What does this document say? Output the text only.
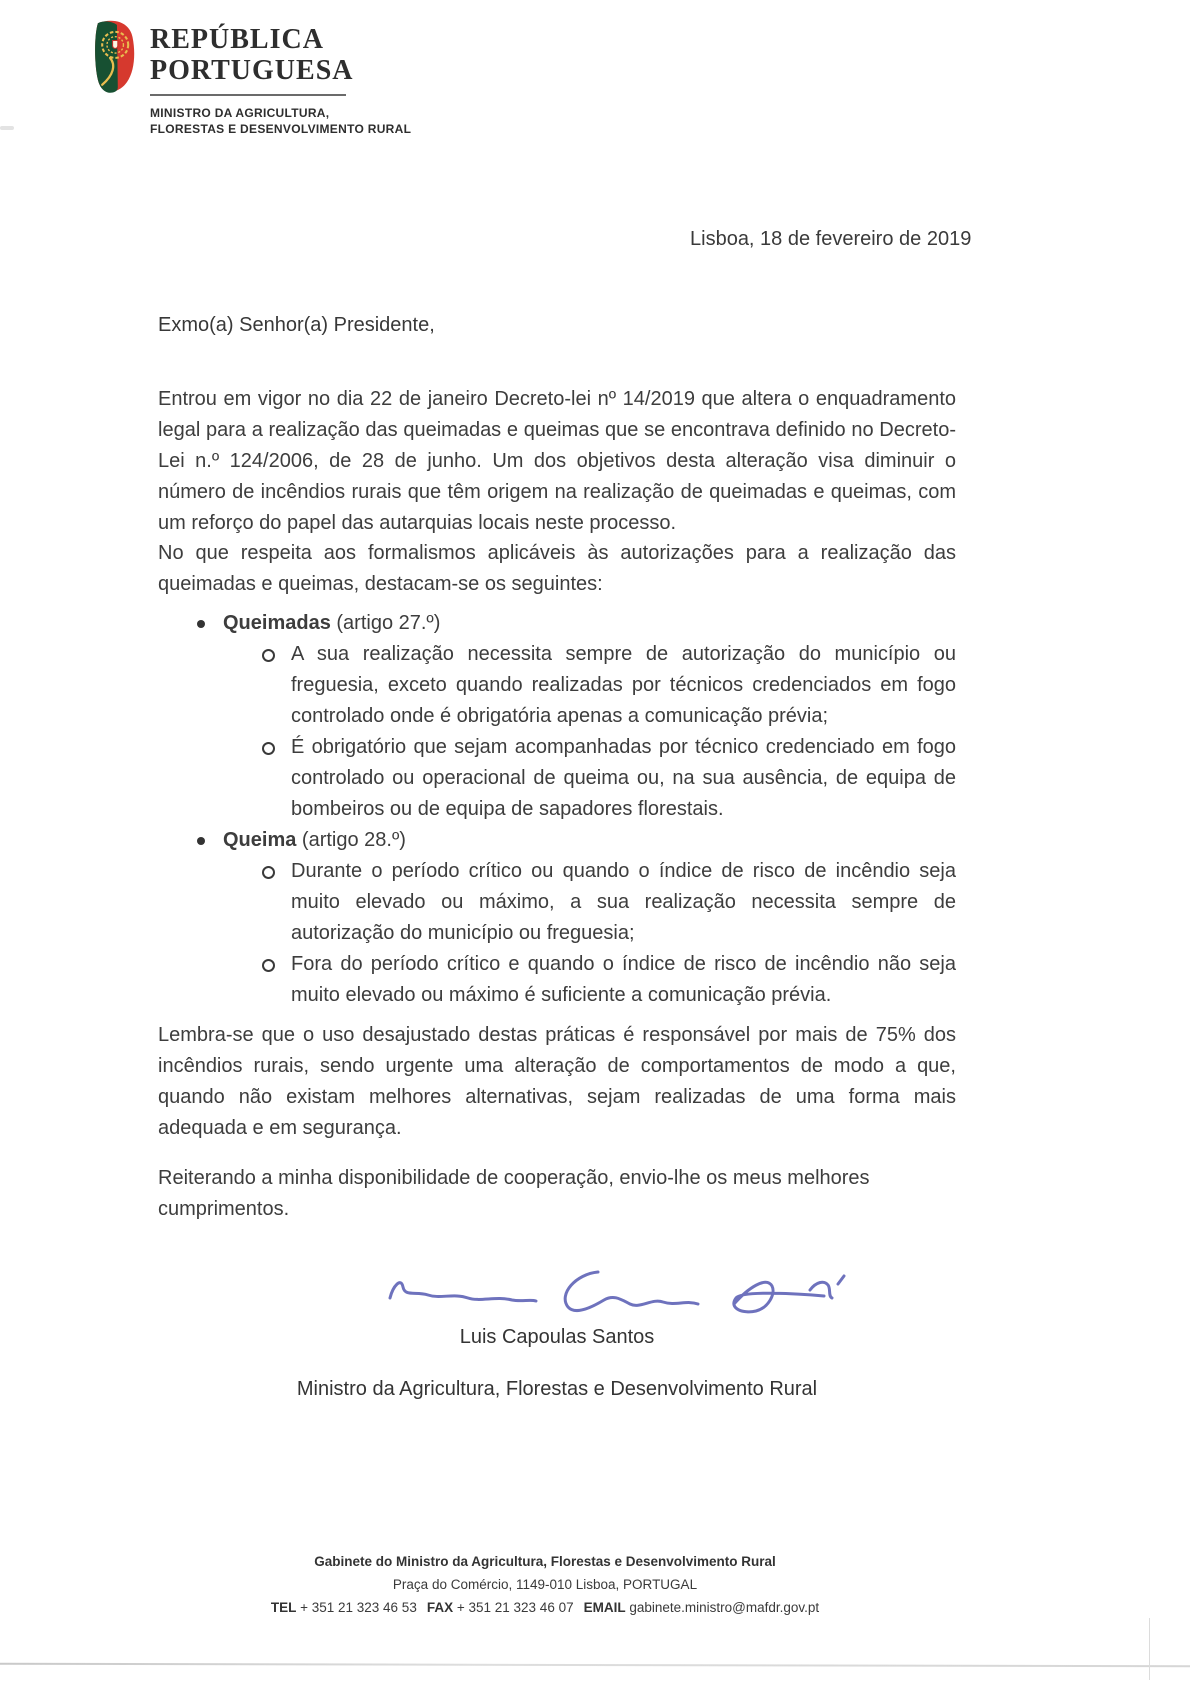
REPÚBLICA
PORTUGUESA
MINISTRO DA AGRICULTURA,
FLORESTAS E DESENVOLVIMENTO RURAL
Lisboa, 18 de fevereiro de 2019
Exmo(a) Senhor(a) Presidente,

Entrou em vigor no dia 22 de janeiro Decreto-lei nº 14/2019 que altera o enquadramento legal para a realização das queimadas e queimas que se encontrava definido no Decreto-Lei n.º 124/2006, de 28 de junho. Um dos objetivos desta alteração visa diminuir o número de incêndios rurais que têm origem na realização de queimadas e queimas, com um reforço do papel das autarquias locais neste processo.

No que respeita aos formalismos aplicáveis às autorizações para a realização das queimadas e queimas, destacam-se os seguintes:

Queimadas (artigo 27.º)
A sua realização necessita sempre de autorização do município ou freguesia, exceto quando realizadas por técnicos credenciados em fogo controlado onde é obrigatória apenas a comunicação prévia;
É obrigatório que sejam acompanhadas por técnico credenciado em fogo controlado ou operacional de queima ou, na sua ausência, de equipa de bombeiros ou de equipa de sapadores florestais.
Queima (artigo 28.º)
Durante o período crítico ou quando o índice de risco de incêndio seja muito elevado ou máximo, a sua realização necessita sempre de autorização do município ou freguesia;
Fora do período crítico e quando o índice de risco de incêndio não seja muito elevado ou máximo é suficiente a comunicação prévia.

Lembra-se que o uso desajustado destas práticas é responsável por mais de 75% dos incêndios rurais, sendo urgente uma alteração de comportamentos de modo a que, quando não existam melhores alternativas, sejam realizadas de uma forma mais adequada e em segurança.

Reiterando a minha disponibilidade de cooperação, envio-lhe os meus melhores cumprimentos.

Luis Capoulas Santos
Ministro da Agricultura, Florestas e Desenvolvimento Rural
Gabinete do Ministro da Agricultura, Florestas e Desenvolvimento Rural
Praça do Comércio, 1149-010 Lisboa, PORTUGAL
TEL + 351 21 323 46 53 FAX + 351 21 323 46 07 EMAIL gabinete.ministro@mafdr.gov.pt
